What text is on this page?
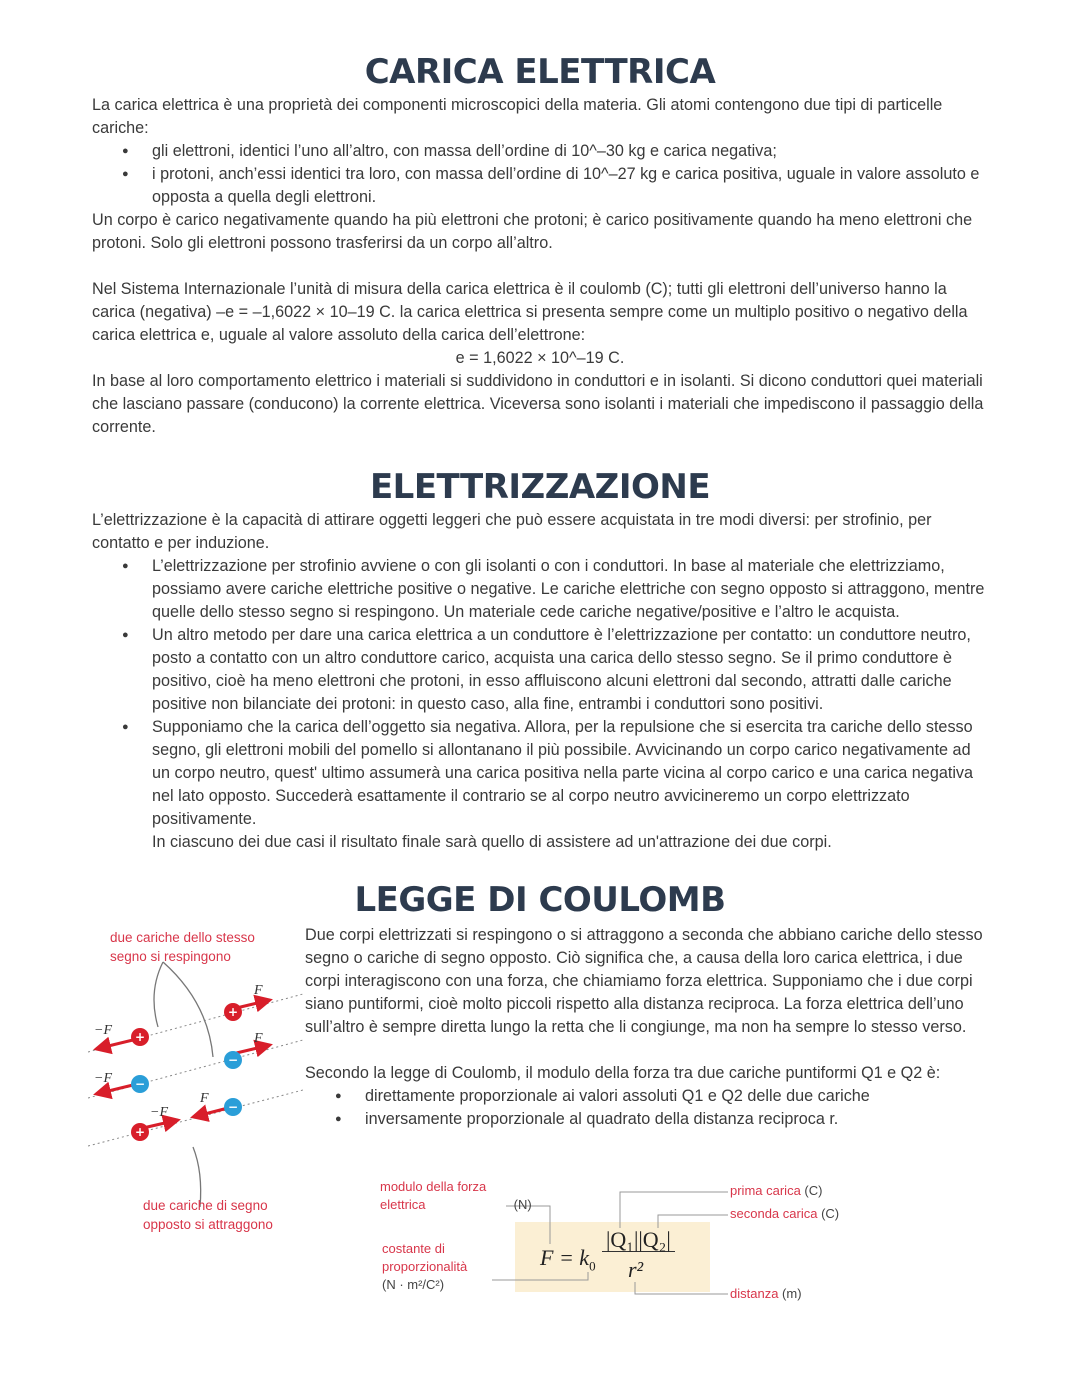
CARICA ELETTRICA

La carica elettrica è una proprietà dei componenti microscopici della materia. Gli atomi contengono due tipi di particelle cariche:

● gli elettroni, identici l’uno all’altro, con massa dell’ordine di 10^–30 kg e carica negativa;
● i protoni, anch’essi identici tra loro, con massa dell’ordine di 10^–27 kg e carica positiva, uguale in valore assoluto e opposta a quella degli elettroni.

Un corpo è carico negativamente quando ha più elettroni che protoni; è carico positivamente quando ha meno elettroni che protoni. Solo gli elettroni possono trasferirsi da un corpo all’altro.

Nel Sistema Internazionale l’unità di misura della carica elettrica è il coulomb (C); tutti gli elettroni dell’universo hanno la carica (negativa) –e = –1,6022 × 10–19 C. la carica elettrica si presenta sempre come un multiplo positivo o negativo della carica elettrica e, uguale al valore assoluto della carica dell’elettrone:

e = 1,6022 × 10^–19 C.

In base al loro comportamento elettrico i materiali si suddividono in conduttori e in isolanti. Si dicono conduttori quei materiali che lasciano passare (conducono) la corrente elettrica. Viceversa sono isolanti i materiali che impediscono il passaggio della corrente.

ELETTRIZZAZIONE

L’elettrizzazione è la capacità di attirare oggetti leggeri che può essere acquistata in tre modi diversi: per strofinio, per contatto e per induzione.

● L’elettrizzazione per strofinio avviene o con gli isolanti o con i conduttori. In base al materiale che elettrizziamo, possiamo avere cariche elettriche positive o negative. Le cariche elettriche con segno opposto si attraggono, mentre quelle dello stesso segno si respingono. Un materiale cede cariche negative/positive e l’altro le acquista.
● Un altro metodo per dare una carica elettrica a un conduttore è l’elettrizzazione per contatto: un conduttore neutro, posto a contatto con un altro conduttore carico, acquista una carica dello stesso segno. Se il primo conduttore è positivo, cioè ha meno elettroni che protoni, in esso affluiscono alcuni elettroni dal secondo, attratti dalle cariche positive non bilanciate dei protoni: in questo caso, alla fine, entrambi i conduttori sono positivi.
● Supponiamo che la carica dell’oggetto sia negativa. Allora, per la repulsione che si esercita tra cariche dello stesso segno, gli elettroni mobili del pomello si allontanano il più possibile. Avvicinando un corpo carico negativamente ad un corpo neutro, quest' ultimo assumerà una carica positiva nella parte vicina al corpo carico e una carica negativa nel lato opposto. Succederà esattamente il contrario se al corpo neutro avvicineremo un corpo elettrizzato positivamente.

In ciascuno dei due casi il risultato finale sarà quello di assistere ad un'attrazione dei due corpi.

LEGGE DI COULOMB
due cariche dello stesso segno si respingono
+
+
+
−
−
−
F
F
F
−F
−F
−F
due cariche di segno opposto si attraggono

Due corpi elettrizzati si respingono o si attraggono a seconda che abbiano cariche dello stesso segno o cariche di segno opposto. Ciò significa che, a causa della loro carica elettrica, i due corpi interagiscono con una forza, che chiamiamo forza elettrica. Supponiamo che i due corpi siano puntiformi, cioè molto piccoli rispetto alla distanza reciproca. La forza elettrica dell’uno sull’altro è sempre diretta lungo la retta che li congiunge, ma non ha sempre lo stesso verso.

Secondo la legge di Coulomb, il modulo della forza tra due cariche puntiformi Q1 e Q2 è:

● direttamente proporzionale ai valori assoluti Q1 e Q2 delle due cariche
● inversamente proporzionale al quadrato della distanza reciproca r.
$F = k_0$
|Q₁||Q₂|
r²
modulo della forza elettrica	(N)
costante di proporzionalità
(N · m²/C²)
prima carica (C)
seconda carica (C)
distanza (m)
